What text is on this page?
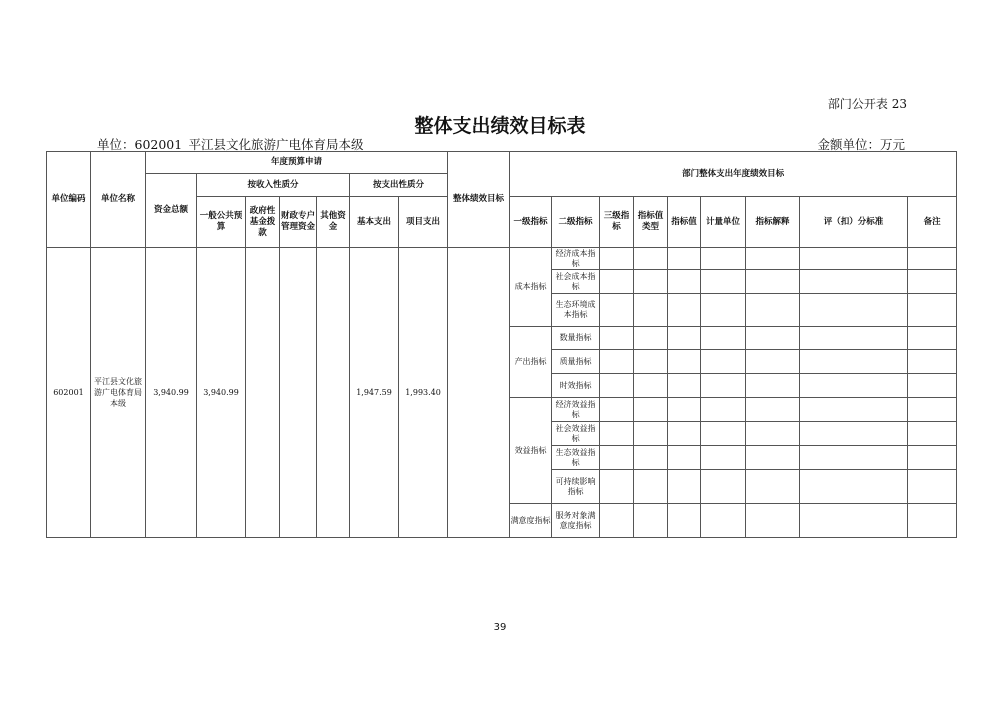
部门公开表 23
整体支出绩效目标表
单位：602001_平江县文化旅游广电体育局本级	金额单位：万元
单位编码	单位名称	年度预算申请							整体绩效目标	部门整体支出年度绩效目标								
		资金总额	按收入性质分				按支出性质分											
			一般公共预算	政府性基金拨款	财政专户管理资金	其他资金	基本支出	项目支出		一级指标	二级指标	三级指标	指标值类型	指标值	计量单位	指标解释	评（扣）分标准	备注
602001	平江县文化旅游广电体育局本级	3,940.99	3,940.99				1,947.59	1,993.40		成本指标	经济成本指标							
											社会成本指标							
											生态环境成本指标							
										产出指标	数量指标							
											质量指标							
											时效指标							
										效益指标	经济效益指标							
											社会效益指标							
											生态效益指标							
											可持续影响指标							
										满意度指标	服务对象满意度指标							
39
